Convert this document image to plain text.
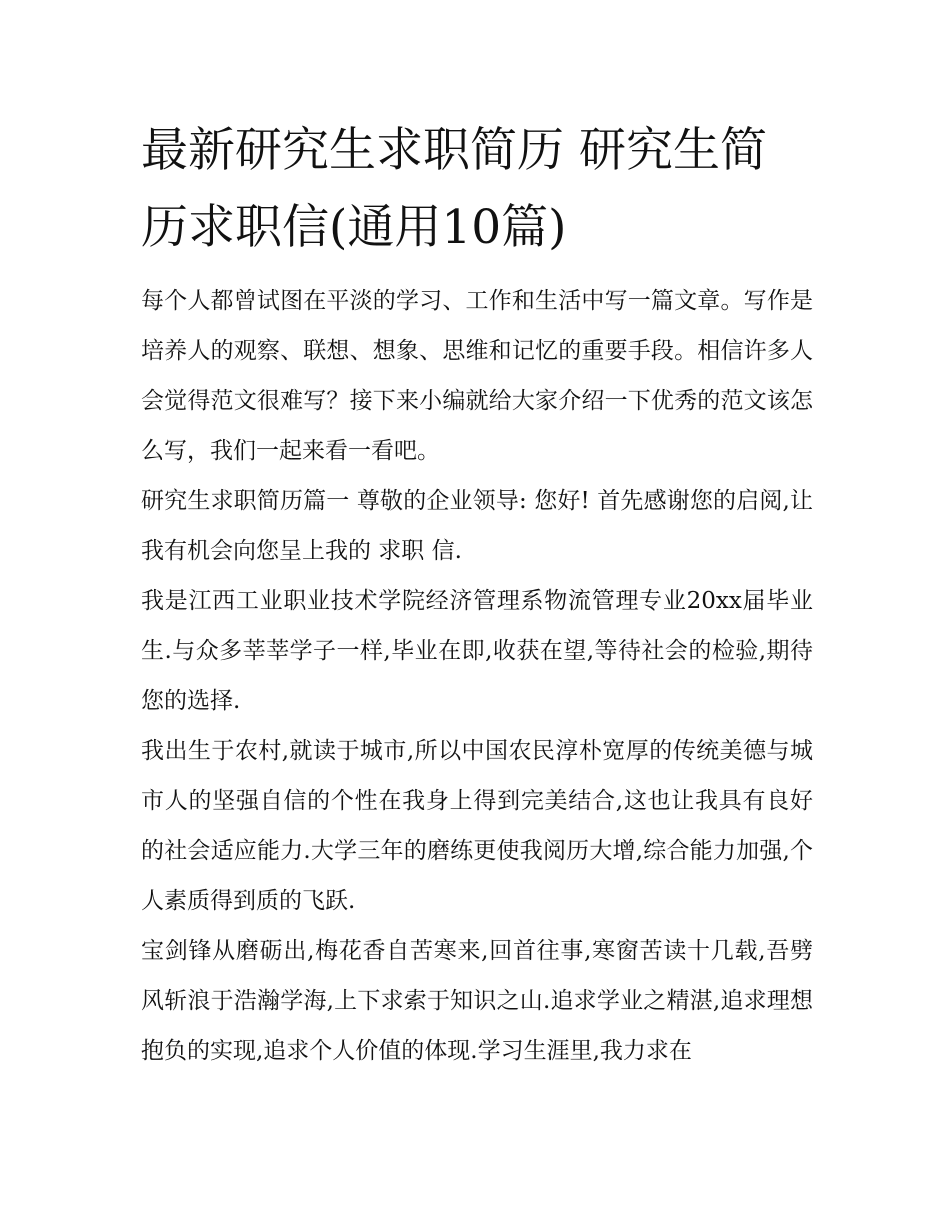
最新研究生求职简历 研究生简历求职信(通用10篇)

每个人都曾试图在平淡的学习、工作和生活中写一篇文章。写作是培养人的观察、联想、想象、思维和记忆的重要手段。相信许多人会觉得范文很难写？接下来小编就给大家介绍一下优秀的范文该怎么写，我们一起来看一看吧。

研究生求职简历篇一 尊敬的企业领导: 您好! 首先感谢您的启阅,让我有机会向您呈上我的 求职 信.

我是江西工业职业技术学院经济管理系物流管理专业20xx届毕业生.与众多莘莘学子一样,毕业在即,收获在望,等待社会的检验,期待您的选择.

我出生于农村,就读于城市,所以中国农民淳朴宽厚的传统美德与城市人的坚强自信的个性在我身上得到完美结合,这也让我具有良好的社会适应能力.大学三年的磨练更使我阅历大增,综合能力加强,个人素质得到质的飞跃.

宝剑锋从磨砺出,梅花香自苦寒来,回首往事,寒窗苦读十几载,吾劈风斩浪于浩瀚学海,上下求索于知识之山.追求学业之精湛,追求理想抱负的实现,追求个人价值的体现.学习生涯里,我力求在
